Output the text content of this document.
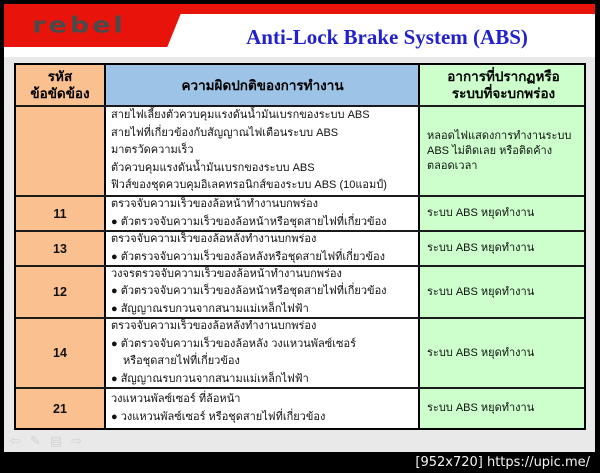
rebel	Anti-Lock Brake System (ABS)
รหัส
ข้อขัดข้อง
ความผิดปกติของการทำงาน
อาการที่ปรากฏหรือ
ระบบที่จะบกพร่อง
สายไฟเลี้ยงตัวควบคุมแรงดันน้ำมันเบรกของระบบ ABS
สายไฟที่เกี่ยวข้องกับสัญญาณไฟเตือนระบบ ABS
มาตรวัดความเร็ว
ตัวควบคุมแรงดันน้ำมันเบรกของระบบ ABS
ฟิวส์ของชุดควบคุมอิเลคทรอนิกส์ของระบบ ABS (10แอมป์)
หลอดไฟแสดงการทำงานระบบ ABS ไม่ติดเลย หรือติดค้าง ตลอดเวลา
11
ตรวจจับความเร็วของล้อหน้าทำงานบกพร่อง
● ตัวตรวจจับความเร็วของล้อหน้าหรือชุดสายไฟที่เกี่ยวข้อง
ระบบ ABS หยุดทำงาน
13
ตรวจจับความเร็วของล้อหลังทำงานบกพร่อง
● ตัวตรวจจับความเร็วของล้อหลังหรือชุดสายไฟที่เกี่ยวข้อง
ระบบ ABS หยุดทำงาน
12
วงจรตรวจจับความเร็วของล้อหน้าทำงานบกพร่อง
● ตัวตรวจจับความเร็วของล้อหน้าหรือชุดสายไฟที่เกี่ยวข้อง
● สัญญาณรบกวนจากสนามแม่เหล็กไฟฟ้า
ระบบ ABS หยุดทำงาน
14
ตรวจจับความเร็วของล้อหลังทำงานบกพร่อง
● ตัวตรวจจับความเร็วของล้อหลัง วงแหวนพัลซ์เซอร์
หรือชุดสายไฟที่เกี่ยวข้อง
● สัญญาณรบกวนจากสนามแม่เหล็กไฟฟ้า
ระบบ ABS หยุดทำงาน
21
วงแหวนพัลซ์เซอร์ ที่ล้อหน้า
● วงแหวนพัลซ์เซอร์ หรือชุดสายไฟที่เกี่ยวข้อง
ระบบ ABS หยุดทำงาน
⇦ ✎ ▤ ⇨
[952x720] https://upic.me/
